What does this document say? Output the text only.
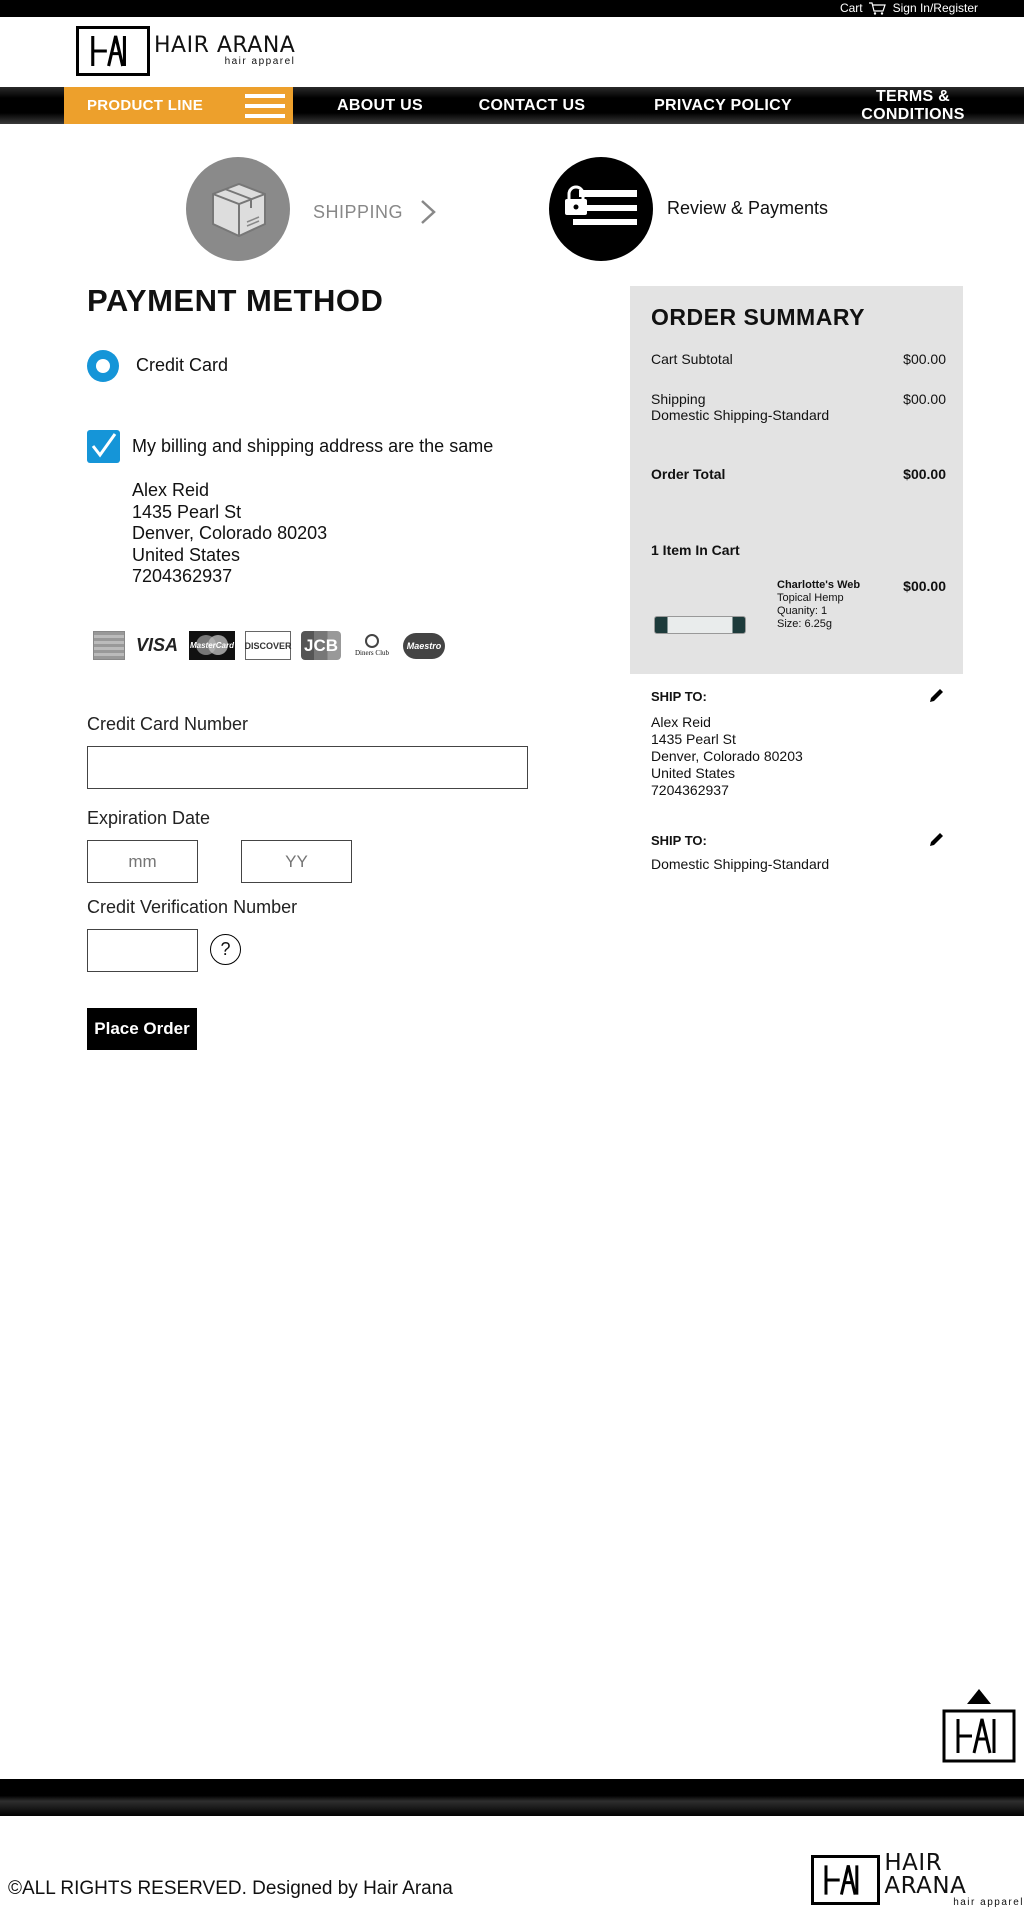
Cart	Sign In/Register
HAIR ARANA
hair apparel
PRODUCT LINE	ABOUT US	CONTACT US	PRIVACY POLICY
TERMS &
CONDITIONS
SHIPPING	Review & Payments
PAYMENT METHOD
Credit Card
My billing and shipping address are the same
Alex Reid
1435 Pearl St
Denver, Colorado 80203
United States
7204362937
VISA MasterCard DISCOVER JCB	Diners Club
Maestro
Credit Card Number
Expiration Date
mm
YY
Credit Verification Number
?
Place Order
ORDER SUMMARY
Cart Subtotal	$00.00
Shipping
Domestic Shipping-Standard
$00.00
Order Total	$00.00
1 Item In Cart
Charlotte's Web
Topical Hemp
Quanity: 1
Size: 6.25g
$00.00
SHIP TO:
Alex Reid
1435 Pearl St
Denver, Colorado 80203
United States
7204362937
SHIP TO:
Domestic Shipping-Standard
©ALL RIGHTS RESERVED. Designed by Hair Arana
HAIR ARANA
hair apparel
